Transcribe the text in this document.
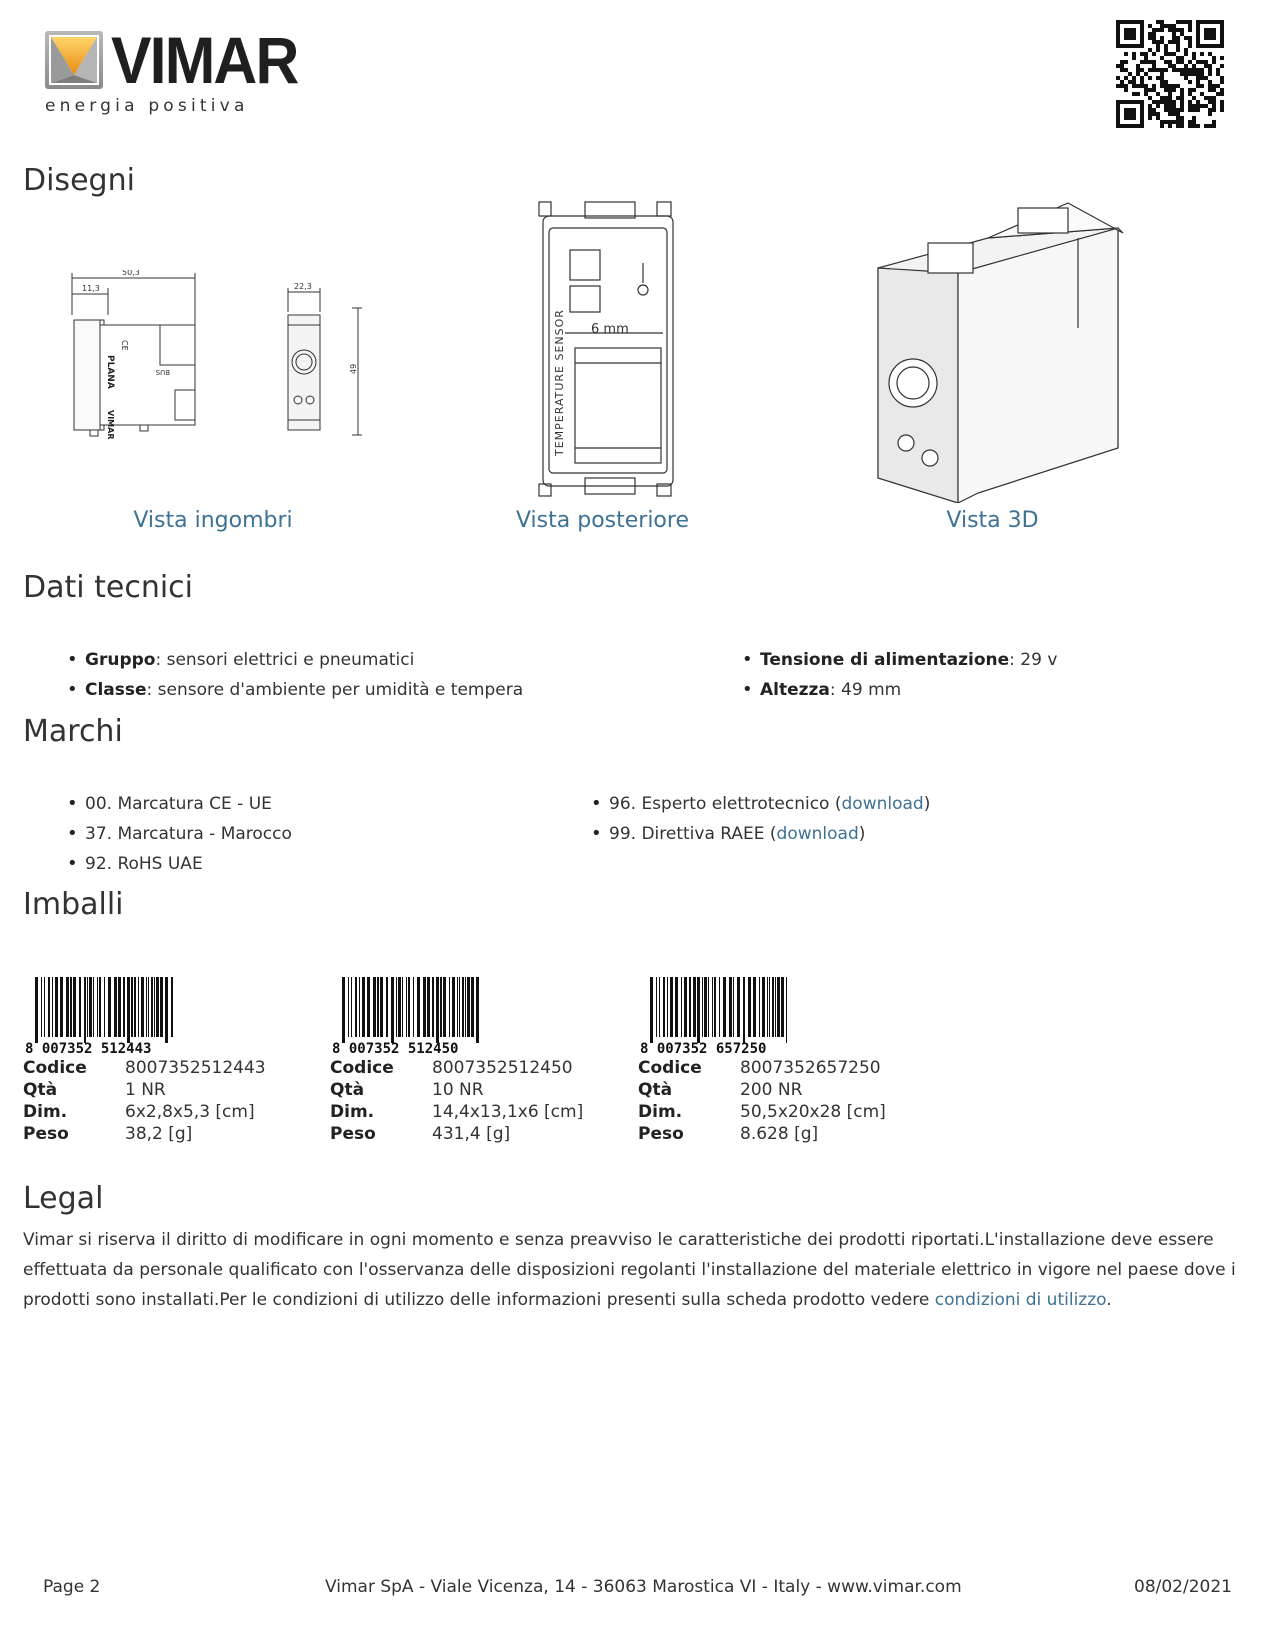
VIMAR
energia positiva
Disegni
50,3
11,3
PLANA
VIMAR
CE
BUS
22,3
49
6 mm
TEMPERATURE SENSOR
Vista ingombri	Vista posteriore	Vista 3D
Dati tecnici
• Gruppo: sensori elettrici e pneumatici
• Classe: sensore d'ambiente per umidità e tempera
• Tensione di alimentazione: 29 v
• Altezza: 49 mm
Marchi
• 00. Marcatura CE - UE
• 37. Marcatura - Marocco
• 92. RoHS UAE
• 96. Esperto elettrotecnico (download)
• 99. Direttiva RAEE (download)
Imballi
8 007352 512443
Codice	8007352512443
Qtà	1 NR
Dim.	6x2,8x5,3 [cm]
Peso	38,2 [g]
8 007352 512450
Codice	8007352512450
Qtà	10 NR
Dim.	14,4x13,1x6 [cm]
Peso	431,4 [g]
8 007352 657250
Codice	8007352657250
Qtà	200 NR
Dim.	50,5x20x28 [cm]
Peso	8.628 [g]
Legal
Vimar si riserva il diritto di modificare in ogni momento e senza preavviso le caratteristiche dei prodotti riportati.L'installazione deve essere effettuata da personale qualificato con l'osservanza delle disposizioni regolanti l'installazione del materiale elettrico in vigore nel paese dove i prodotti sono installati.Per le condizioni di utilizzo delle informazioni presenti sulla scheda prodotto vedere condizioni di utilizzo.
Page 2	Vimar SpA - Viale Vicenza, 14 - 36063 Marostica VI - Italy - www.vimar.com	08/02/2021
